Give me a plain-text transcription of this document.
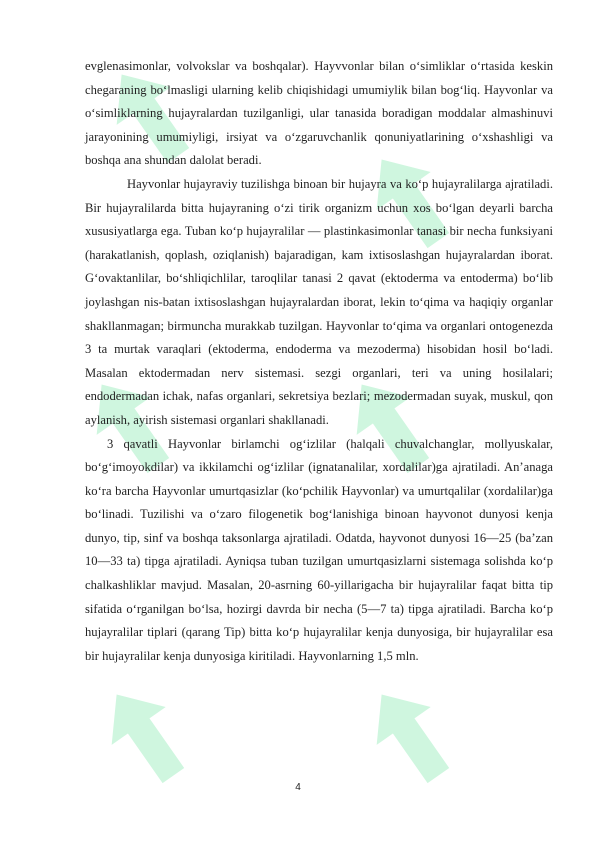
evglenasimonlar, volvokslar va boshqalar). Hayvvonlar bilan o‘simliklar o‘rtasida keskin chegaraning bo‘lmasligi ularning kelib chiqishidagi umumiylik bilan bog‘liq. Hayvonlar va o‘simliklarning hujayralardan tuzilganligi, ular tanasida boradigan moddalar almashinuvi jarayonining umumiyligi, irsiyat va o‘zgaruvchanlik qonuniyatlarining o‘xshashligi va boshqa ana shundan dalolat beradi.

Hayvonlar hujayraviy tuzilishga binoan bir hujayra va ko‘p hujayralilarga ajratiladi. Bir hujayralilarda bitta hujayraning o‘zi tirik organizm uchun xos bo‘lgan deyarli barcha xususiyatlarga ega. Tuban ko‘p hujayralilar — plastinkasimonlar tanasi bir necha funksiyani (harakatlanish, qoplash, oziqlanish) bajaradigan, kam ixtisoslashgan hujayralardan iborat. G‘ovaktanlilar, bo‘shliqichlilar, taroqlilar tanasi 2 qavat (ektoderma va entoderma) bo‘lib joylashgan nis-batan ixtisoslashgan hujayralardan iborat, lekin to‘qima va haqiqiy organlar shakllanmagan; birmuncha murakkab tuzilgan. Hayvonlar to‘qima va organlari ontogenezda 3 ta murtak varaqlari (ektoderma, endoderma va mezoderma) hisobidan hosil bo‘ladi. Masalan ektodermadan nerv sistemasi. sezgi organlari, teri va uning hosilalari; endodermadan ichak, nafas organlari, sekretsiya bezlari; mezodermadan suyak, muskul, qon aylanish, ayirish sistemasi organlari shakllanadi.

3 qavatli Hayvonlar birlamchi og‘izlilar (halqali chuvalchanglar, mollyuskalar, bo‘g‘imoyokdilar) va ikkilamchi og‘izlilar (ignatanalilar, xordalilar)ga ajratiladi. An’anaga ko‘ra barcha Hayvonlar umurtqasizlar (ko‘pchilik Hayvonlar) va umurtqalilar (xordalilar)ga bo‘linadi. Tuzilishi va o‘zaro filogenetik bog‘lanishiga binoan hayvonot dunyosi kenja dunyo, tip, sinf va boshqa taksonlarga ajratiladi. Odatda, hayvonot dunyosi 16—25 (ba’zan 10—33 ta) tipga ajratiladi. Ayniqsa tuban tuzilgan umurtqasizlarni sistemaga solishda ko‘p chalkashliklar mavjud. Masalan, 20-asrning 60-yillarigacha bir hujayralilar faqat bitta tip sifatida o‘rganilgan bo‘lsa, hozirgi davrda bir necha (5—7 ta) tipga ajratiladi. Barcha ko‘p hujayralilar tiplari (qarang Tip) bitta ko‘p hujayralilar kenja dunyosiga, bir hujayralilar esa bir hujayralilar kenja dunyosiga kiritiladi. Hayvonlarning 1,5 mln.

4
